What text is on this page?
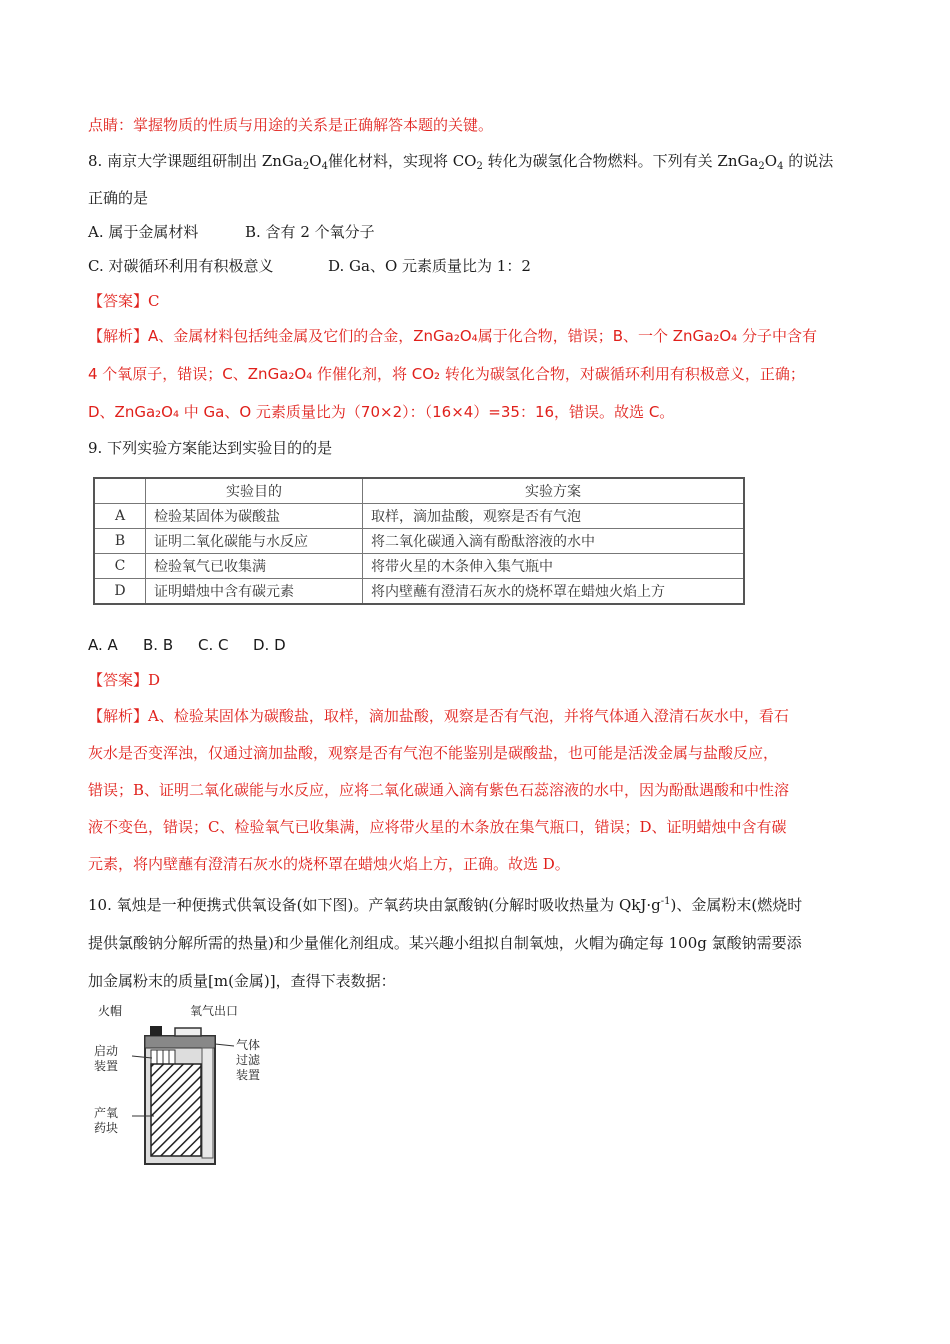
点睛：掌握物质的性质与用途的关系是正确解答本题的关键。
8. 南京大学课题组研制出 $ZnGa_2O_4$催化材料，实现将 $CO_2$ 转化为碳氢化合物燃料。下列有关 $ZnGa_2O_4$ 的说法
正确的是
A. 属于金属材料	B. 含有 2 个氧分子
C. 对碳循环利用有积极意义	D. Ga、O 元素质量比为 1：2
【答案】C
【解析】A、金属材料包括纯金属及它们的合金，ZnGa₂O₄属于化合物，错误；B、一个 ZnGa₂O₄ 分子中含有
4 个氧原子，错误；C、ZnGa₂O₄ 作催化剂，将 CO₂ 转化为碳氢化合物，对碳循环利用有积极意义，正确；
D、ZnGa₂O₄ 中 Ga、O 元素质量比为（70×2）：（16×4）=35：16，错误。故选 C。
9. 下列实验方案能达到实验目的的是
	实验目的	实验方案
A	检验某固体为碳酸盐	取样，滴加盐酸，观察是否有气泡
B	证明二氧化碳能与水反应	将二氧化碳通入滴有酚酞溶液的水中
C	检验氧气已收集满	将带火星的木条伸入集气瓶中
D	证明蜡烛中含有碳元素	将内壁蘸有澄清石灰水的烧杯罩在蜡烛火焰上方
A. A B. B C. C D. D
【答案】D
【解析】A、检验某固体为碳酸盐，取样，滴加盐酸，观察是否有气泡，并将气体通入澄清石灰水中，看石
灰水是否变浑浊，仅通过滴加盐酸，观察是否有气泡不能鉴别是碳酸盐，也可能是活泼金属与盐酸反应，
错误；B、证明二氧化碳能与水反应，应将二氧化碳通入滴有紫色石蕊溶液的水中，因为酚酞遇酸和中性溶
液不变色，错误；C、检验氧气已收集满，应将带火星的木条放在集气瓶口，错误；D、证明蜡烛中含有碳
元素，将内壁蘸有澄清石灰水的烧杯罩在蜡烛火焰上方，正确。故选 D。
10. 氧烛是一种便携式供氧设备(如下图)。产氧药块由氯酸钠(分解时吸收热量为 $QkJ\cdot g^{-1}$)、金属粉末(燃烧时
提供氯酸钠分解所需的热量)和少量催化剂组成。某兴趣小组拟自制氧烛，火帽为确定每 100g 氯酸钠需要添
加金属粉末的质量[m(金属)]，查得下表数据：
火帽	氧气出口
启动装置
产氧药块
气体过滤装置
